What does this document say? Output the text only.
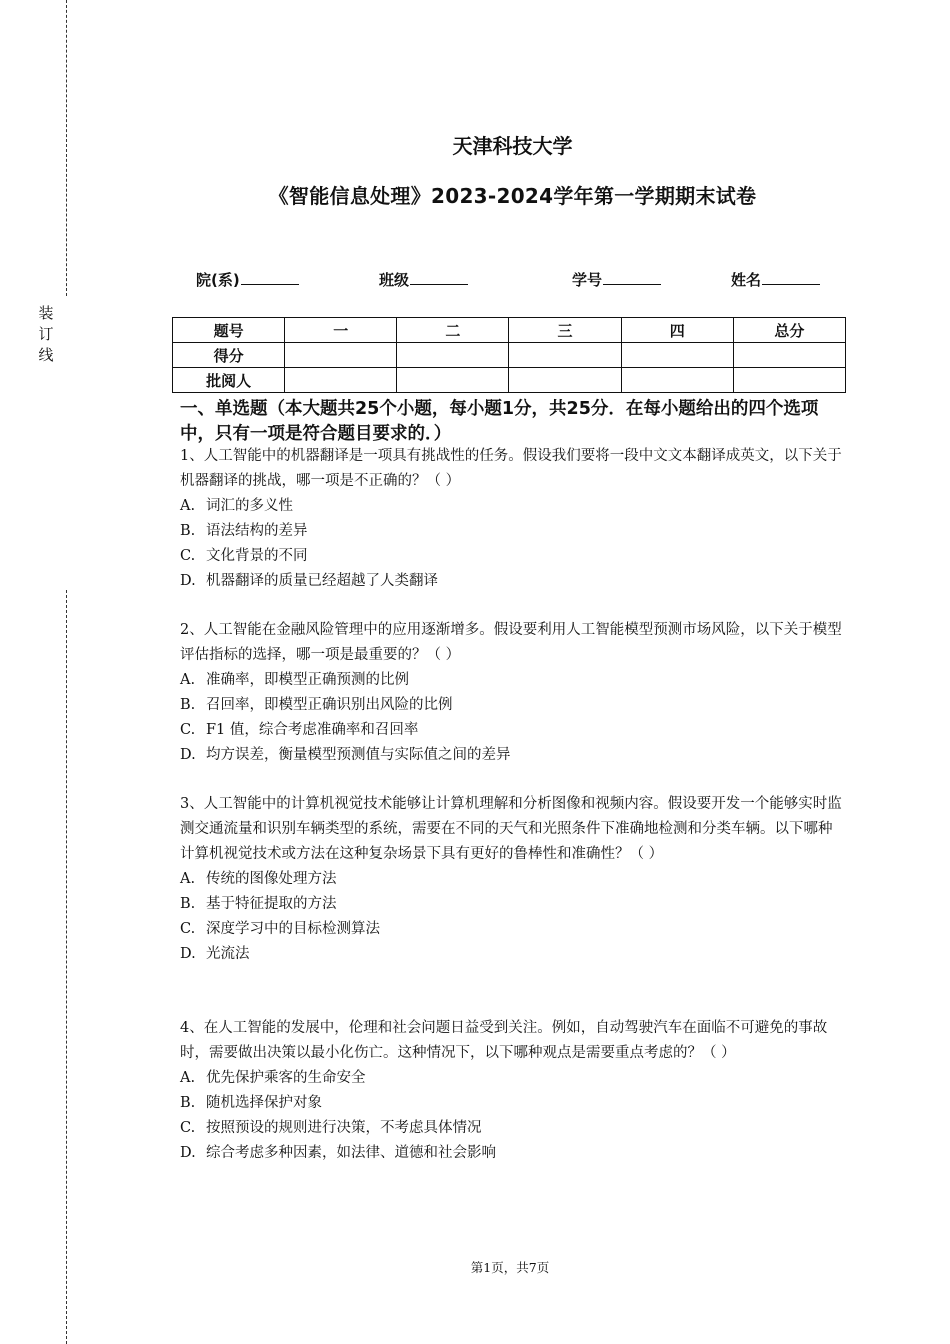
装
订
线
天津科技大学
《智能信息处理》2023-2024学年第一学期期末试卷
院(系)	班级	学号	姓名
题号	一	二	三	四	总分
得分					
批阅人					
一、单选题（本大题共25个小题，每小题1分，共25分．在每小题给出的四个选项中，只有一项是符合题目要求的．）

1、人工智能中的机器翻译是一项具有挑战性的任务。假设我们要将一段中文文本翻译成英文，以下关于机器翻译的挑战，哪一项是不正确的？（ ）

A. 词汇的多义性

B. 语法结构的差异

C. 文化背景的不同

D. 机器翻译的质量已经超越了人类翻译

2、人工智能在金融风险管理中的应用逐渐增多。假设要利用人工智能模型预测市场风险，以下关于模型评估指标的选择，哪一项是最重要的？（ ）

A. 准确率，即模型正确预测的比例

B. 召回率，即模型正确识别出风险的比例

C. F1 值，综合考虑准确率和召回率

D. 均方误差，衡量模型预测值与实际值之间的差异

3、人工智能中的计算机视觉技术能够让计算机理解和分析图像和视频内容。假设要开发一个能够实时监测交通流量和识别车辆类型的系统，需要在不同的天气和光照条件下准确地检测和分类车辆。以下哪种计算机视觉技术或方法在这种复杂场景下具有更好的鲁棒性和准确性？（ ）

A. 传统的图像处理方法

B. 基于特征提取的方法

C. 深度学习中的目标检测算法

D. 光流法

4、在人工智能的发展中，伦理和社会问题日益受到关注。例如，自动驾驶汽车在面临不可避免的事故时，需要做出决策以最小化伤亡。这种情况下，以下哪种观点是需要重点考虑的？（ ）

A. 优先保护乘客的生命安全

B. 随机选择保护对象

C. 按照预设的规则进行决策，不考虑具体情况

D. 综合考虑多种因素，如法律、道德和社会影响

第1页，共7页
